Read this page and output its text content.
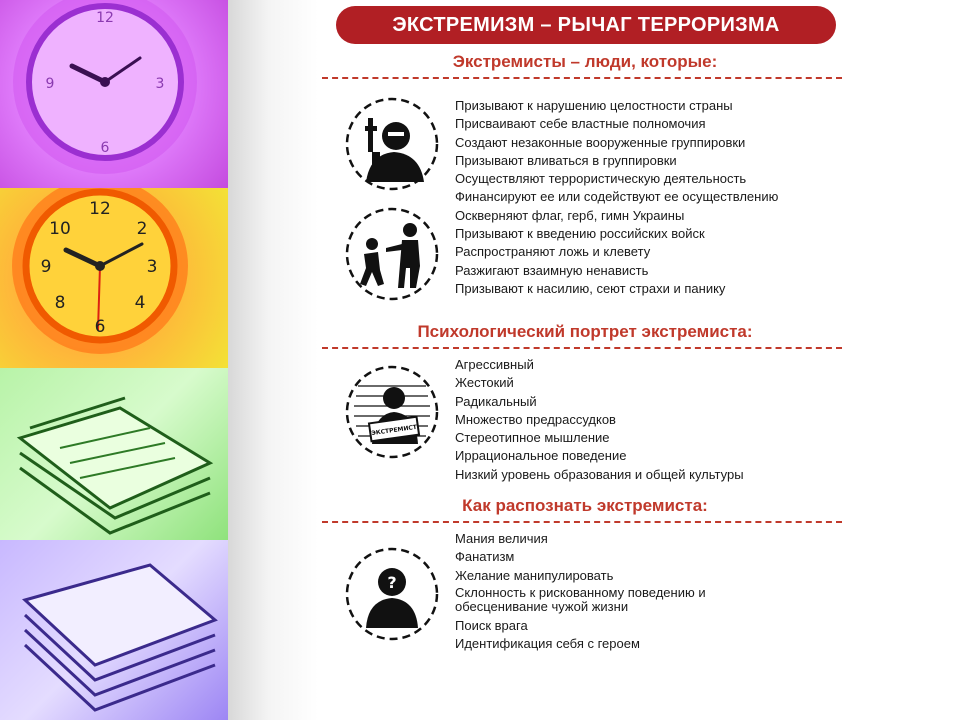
12
3
6
9
12
3
6
9
10	2
4
8
ЭКСТРЕМИЗМ – РЫЧАГ ТЕРРОРИЗМА
Экстремисты – люди, которые:
Призывают к нарушению целостности страны
Присваивают себе властные полномочия
Создают незаконные вооруженные группировки
Призывают вливаться в группировки
Осуществляют террористическую деятельность
Финансируют ее или содействуют ее осуществлению
Оскверняют флаг, герб, гимн Украины
Призывают к введению российских войск
Распространяют ложь и клевету
Разжигают взаимную ненависть
Призывают к насилию, сеют страхи и панику
Психологический портрет экстремиста:
ЭКСТРЕМИСТ
Агрессивный
Жестокий
Радикальный
Множество предрассудков
Стереотипное мышление
Иррациональное поведение
Низкий уровень образования и общей культуры
Как распознать экстремиста:
?
Мания величия
Фанатизм
Желание манипулировать
Склонность к рискованному поведению и обесценивание чужой жизни
Поиск врага
Идентификация себя с героем
